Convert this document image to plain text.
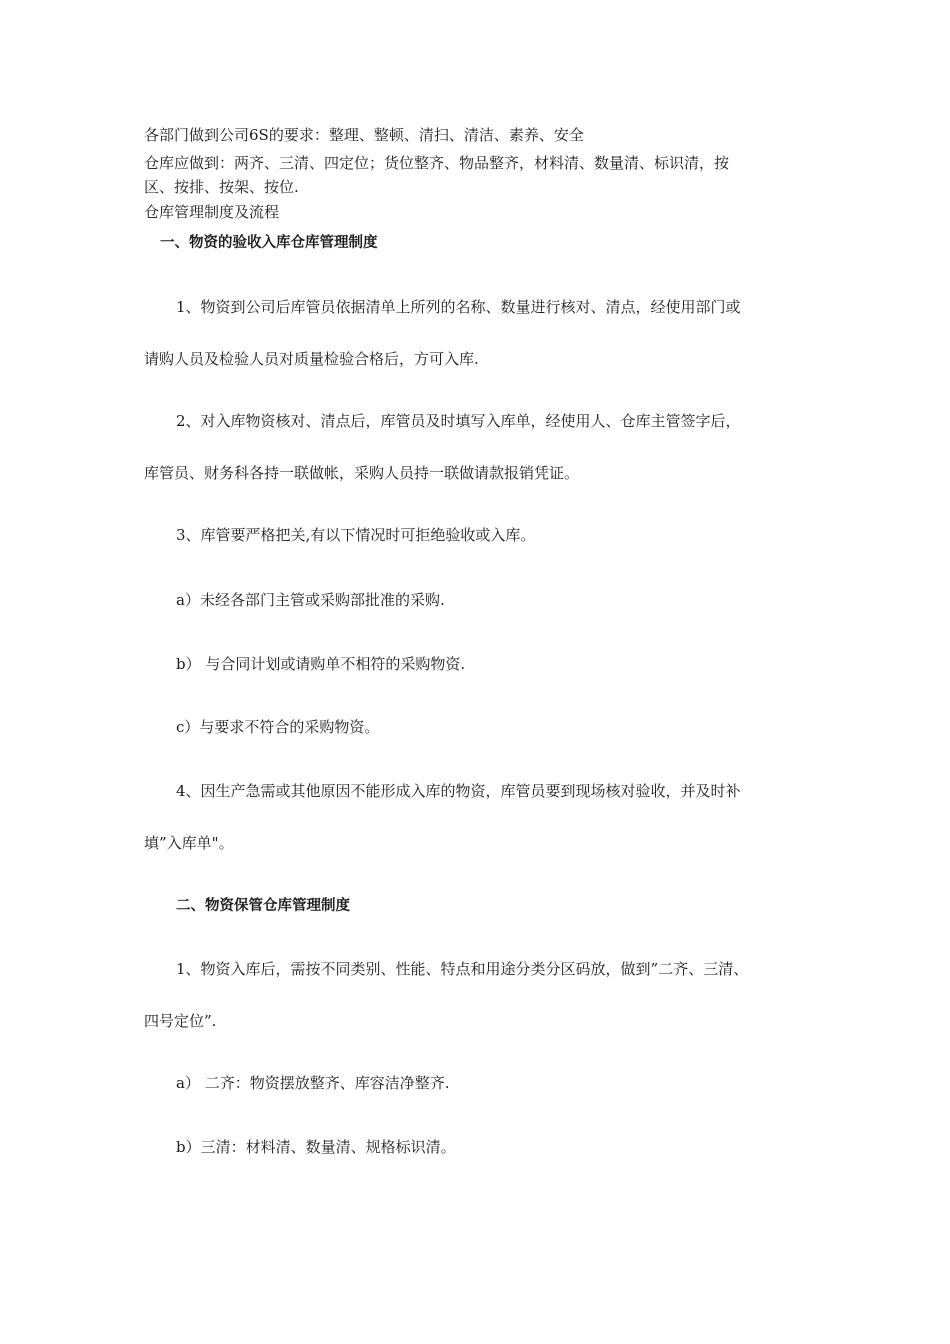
各部门做到公司6S的要求：整理、整顿、清扫、清洁、素养、安全
仓库应做到：两齐、三清、四定位；货位整齐、物品整齐，材料清、数量清、标识清，按
区、按排、按架、按位.
仓库管理制度及流程
一、物资的验收入库仓库管理制度
1、物资到公司后库管员依据清单上所列的名称、数量进行核对、清点，经使用部门或
请购人员及检验人员对质量检验合格后，方可入库.
2、对入库物资核对、清点后，库管员及时填写入库单，经使用人、仓库主管签字后，
库管员、财务科各持一联做帐，采购人员持一联做请款报销凭证。
3、库管要严格把关,有以下情况时可拒绝验收或入库。
a）未经各部门主管或采购部批准的采购.
b） 与合同计划或请购单不相符的采购物资.
c）与要求不符合的采购物资。
4、因生产急需或其他原因不能形成入库的物资，库管员要到现场核对验收，并及时补
填”入库单"。
二、物资保管仓库管理制度
1、物资入库后，需按不同类别、性能、特点和用途分类分区码放，做到”二齐、三清、
四号定位”.
a） 二齐：物资摆放整齐、库容洁净整齐.
b）三清：材料清、数量清、规格标识清。
